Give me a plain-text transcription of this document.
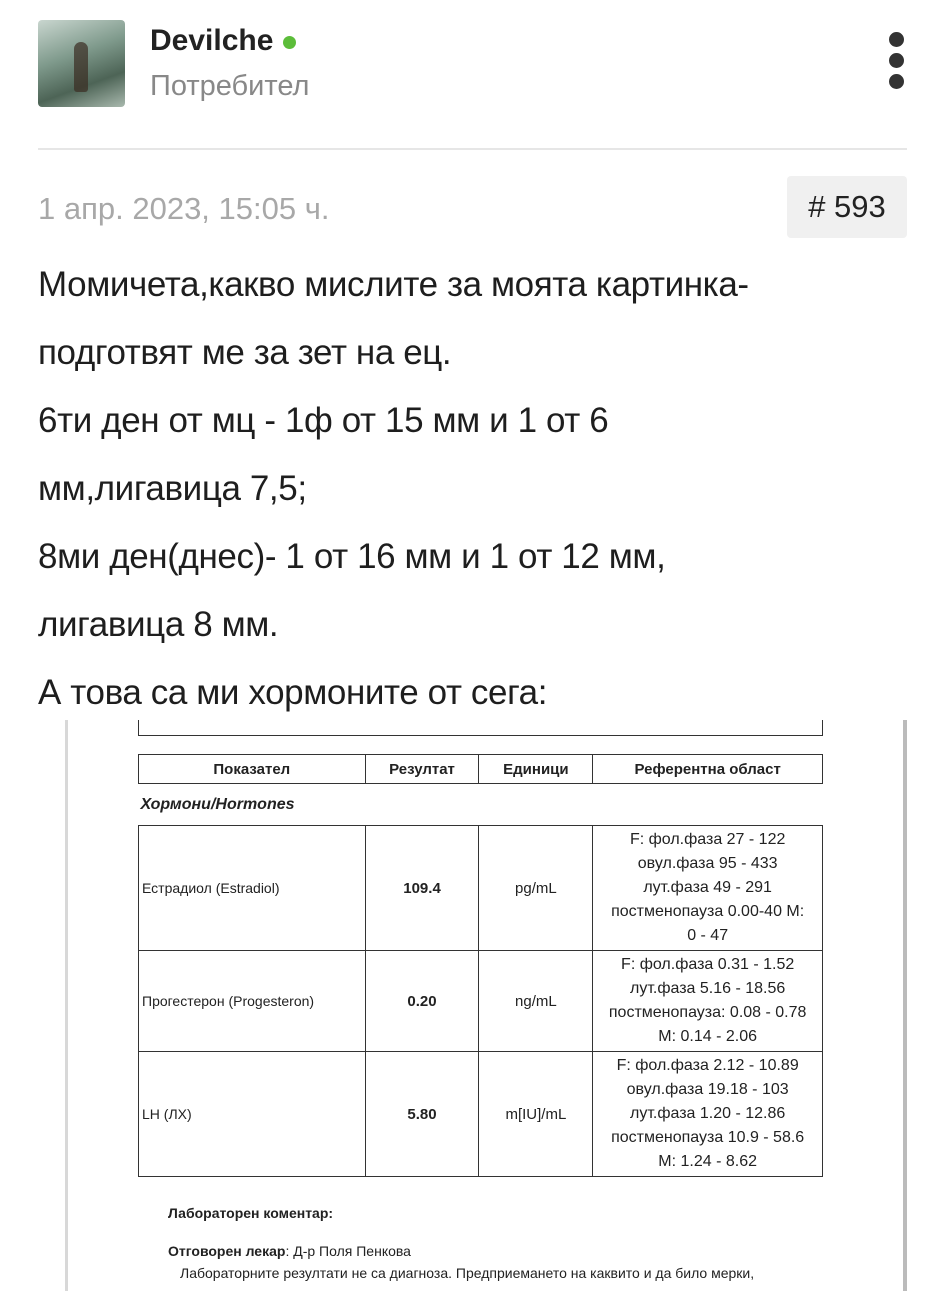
Devilche
Потребител
1 апр. 2023, 15:05 ч.	# 593
Момичета,какво мислите за моята картинка-
подготвят ме за зет на ец.
6ти ден от мц - 1ф от 15 мм и 1 от 6
мм,лигавица 7,5;
8ми ден(днес)- 1 от 16 мм и 1 от 12 мм,
лигавица 8 мм.
А това са ми хормоните от сега:
Показател	Резултат	Единици	Референтна област
Хормони/Hormones			
Естрадиол (Estradiol)	109.4	pg/mL	F: фол.фаза 27 - 122
овул.фаза 95 - 433
лут.фаза 49 - 291
постменопауза 0.00-40 M:
0 - 47

Прогестерон (Progesteron)	0.20	ng/mL	F: фол.фаза 0.31 - 1.52
лут.фаза 5.16 - 18.56
постменопауза: 0.08 - 0.78
M: 0.14 - 2.06

LH (ЛХ)	5.80	m[IU]/mL	F: фол.фаза 2.12 - 10.89
овул.фаза 19.18 - 103
лут.фаза 1.20 - 12.86
постменопауза 10.9 - 58.6
M: 1.24 - 8.62
Лабораторен коментар:
Отговорен лекар: Д-р Поля Пенкова
Лабораторните резултати не са диагноза. Предприемането на каквито и да било мерки,
